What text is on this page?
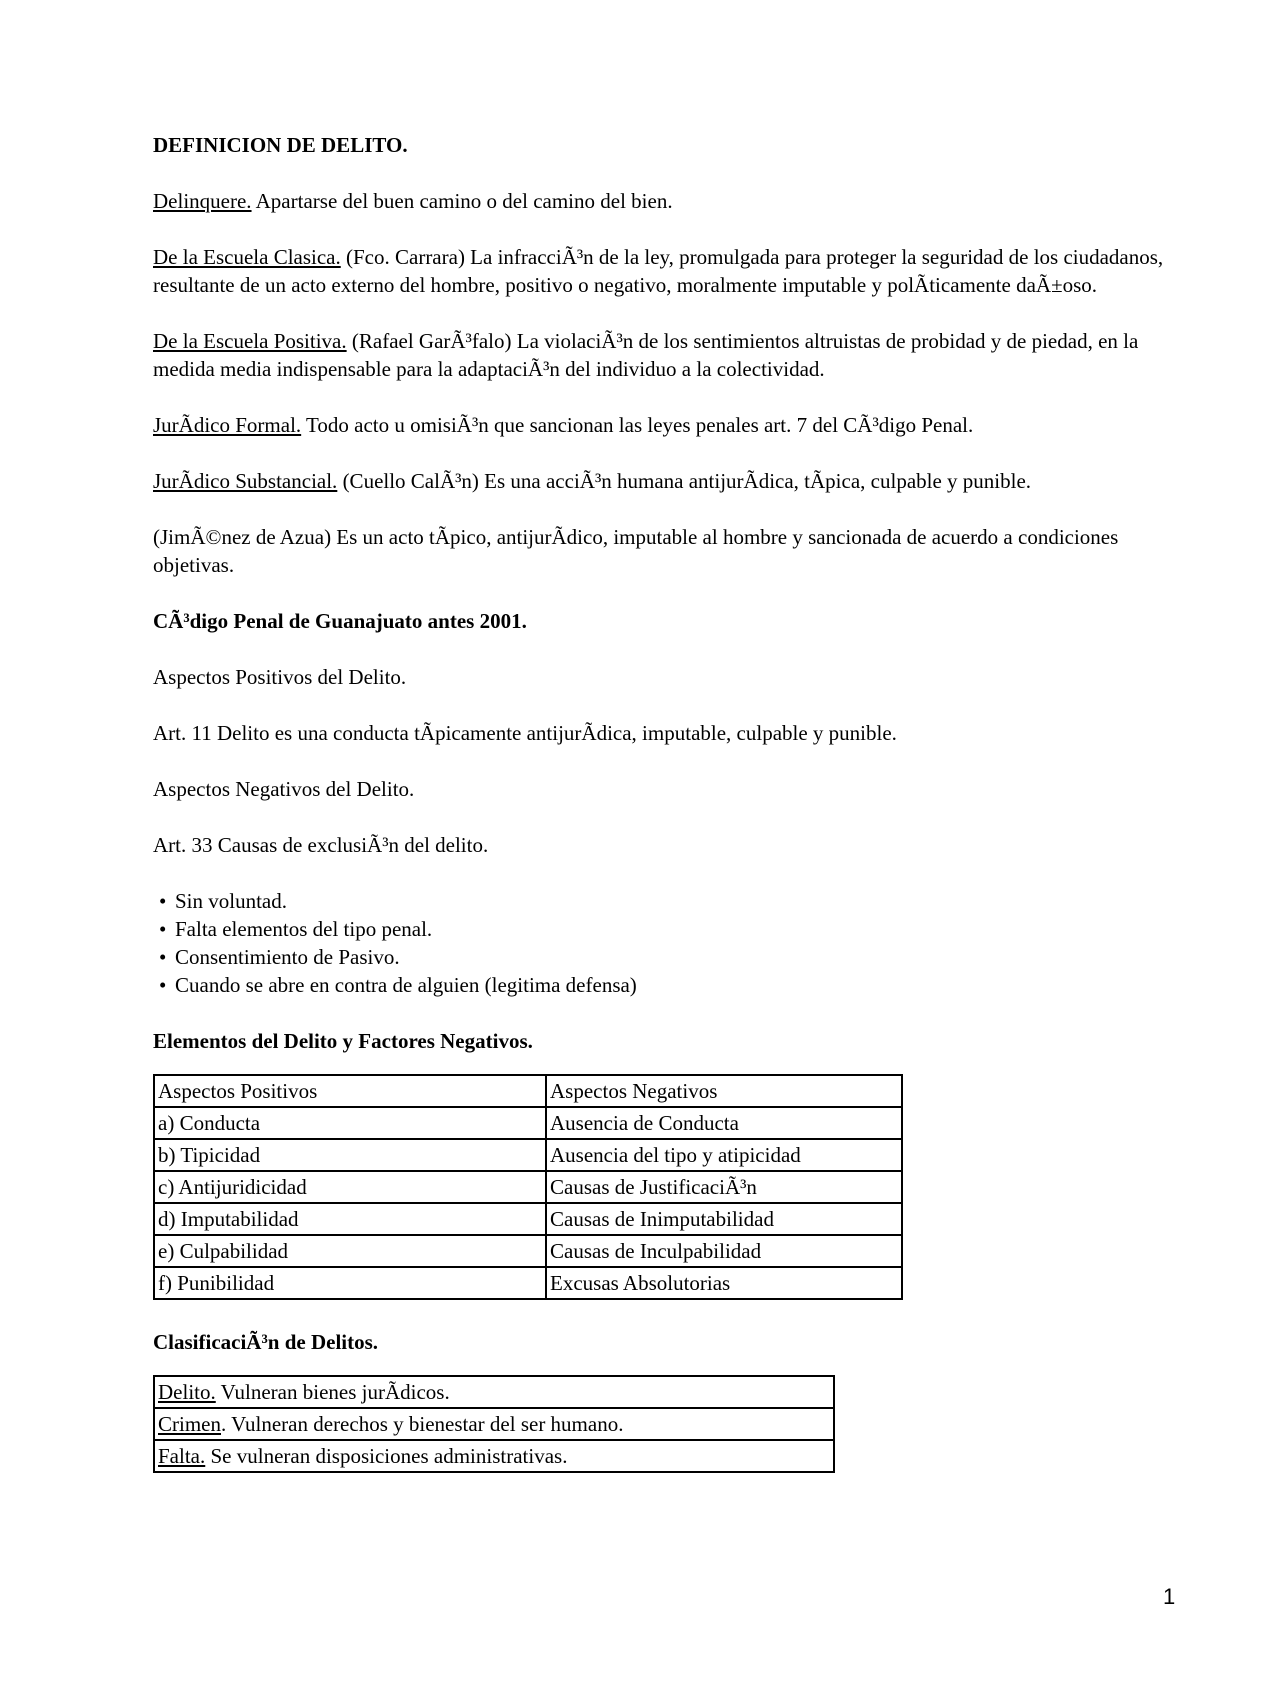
DEFINICION DE DELITO.

Delinquere. Apartarse del buen camino o del camino del bien.

De la Escuela Clasica. (Fco. Carrara) La infracciÃ³n de la ley, promulgada para proteger la seguridad de los ciudadanos, resultante de un acto externo del hombre, positivo o negativo, moralmente imputable y polÃticamente daÃ±oso.

De la Escuela Positiva. (Rafael GarÃ³falo) La violaciÃ³n de los sentimientos altruistas de probidad y de piedad, en la medida media indispensable para la adaptaciÃ³n del individuo a la colectividad.

JurÃdico Formal. Todo acto u omisiÃ³n que sancionan las leyes penales art. 7 del CÃ³digo Penal.

JurÃdico Substancial. (Cuello CalÃ³n) Es una acciÃ³n humana antijurÃdica, tÃpica, culpable y punible.

(JimÃ©nez de Azua) Es un acto tÃpico, antijurÃdico, imputable al hombre y sancionada de acuerdo a condiciones objetivas.

CÃ³digo Penal de Guanajuato antes 2001.

Aspectos Positivos del Delito.

Art. 11 Delito es una conducta tÃpicamente antijurÃdica, imputable, culpable y punible.

Aspectos Negativos del Delito.

Art. 33 Causas de exclusiÃ³n del delito.

• Sin voluntad.
• Falta elementos del tipo penal.
• Consentimiento de Pasivo.
• Cuando se abre en contra de alguien (legitima defensa)

Elementos del Delito y Factores Negativos.

Aspectos Positivos	Aspectos Negativos
a) Conducta	Ausencia de Conducta
b) Tipicidad	Ausencia del tipo y atipicidad
c) Antijuridicidad	Causas de JustificaciÃ³n
d) Imputabilidad	Causas de Inimputabilidad
e) Culpabilidad	Causas de Inculpabilidad
f) Punibilidad	Excusas Absolutorias

ClasificaciÃ³n de Delitos.

Delito. Vulneran bienes jurÃdicos.
Crimen. Vulneran derechos y bienestar del ser humano.
Falta. Se vulneran disposiciones administrativas.
1
